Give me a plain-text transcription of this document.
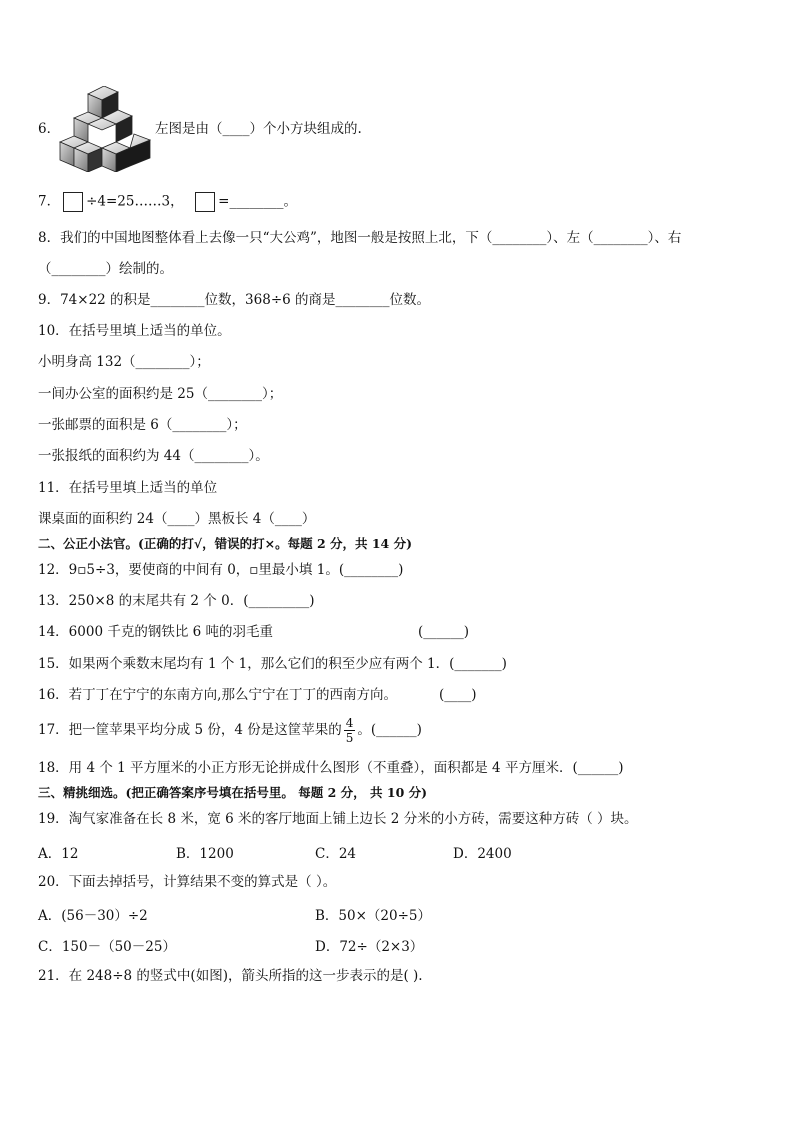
6．	左图是由（____）个小方块组成的.
7． ÷4=25……3，	=________。
8．我们的中国地图整体看上去像一只“大公鸡”，地图一般是按照上北，下（________）、左（________）、右
（________）绘制的。
9．74×22 的积是________位数，368÷6 的商是________位数。
10．在括号里填上适当的单位。
小明身高 132（________）；
一间办公室的面积约是 25（________）；
一张邮票的面积是 6（________）；
一张报纸的面积约为 44（________）。
11．在括号里填上适当的单位
课桌面的面积约 24（____）黑板长 4（____）
二、公正小法官。(正确的打√，错误的打×。每题 2 分，共 14 分)
12．9▫5÷3，要使商的中间有 0，▫里最小填 1。(________)
13．250×8 的末尾共有 2 个 0．(_________)
14．6000 千克的钢铁比 6 吨的羽毛重	(______)
15．如果两个乘数末尾均有 1 个 1，那么它们的积至少应有两个 1．(_______)
16．若丁丁在宁宁的东南方向,那么宁宁在丁丁的西南方向。	(____)
17．把一筐苹果平均分成 5 份，4 份是这筐苹果的 $\frac{4}{5}$ 。(______)
18．用 4 个 1 平方厘米的小正方形无论拼成什么图形（不重叠），面积都是 4 平方厘米．(______)
三、精挑细选。(把正确答案序号填在括号里。 每题 2 分， 共 10 分)
19．淘气家准备在长 8 米，宽 6 米的客厅地面上铺上边长 2 分米的小方砖，需要这种方砖（ ）块。
A．12	B．1200	C．24	D．2400
20．下面去掉括号，计算结果不变的算式是（ ）。
A．(56－30）÷2	B．50×（20÷5）
C．150－（50－25）	D．72÷（2×3）
21．在 248÷8 的竖式中(如图)，箭头所指的这一步表示的是( ).
